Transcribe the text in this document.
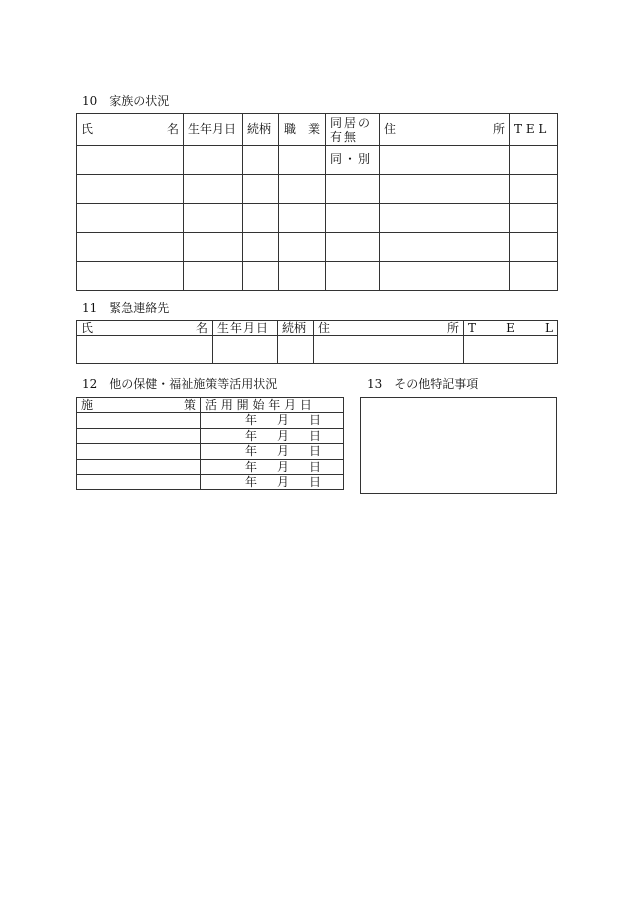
10　家族の状況
氏 名	生年月日	続柄	職　業	同居の有無	住 所	T E L
				同・別		

11　緊急連絡先
氏 名	生年月日	続柄	住 所	T E L

12　他の保健・福祉施策等活用状況
施 策	活 用 開 始 年 月 日

	年 月 日

	年 月 日

	年 月 日

	年 月 日

	年 月 日
13　その他特記事項
